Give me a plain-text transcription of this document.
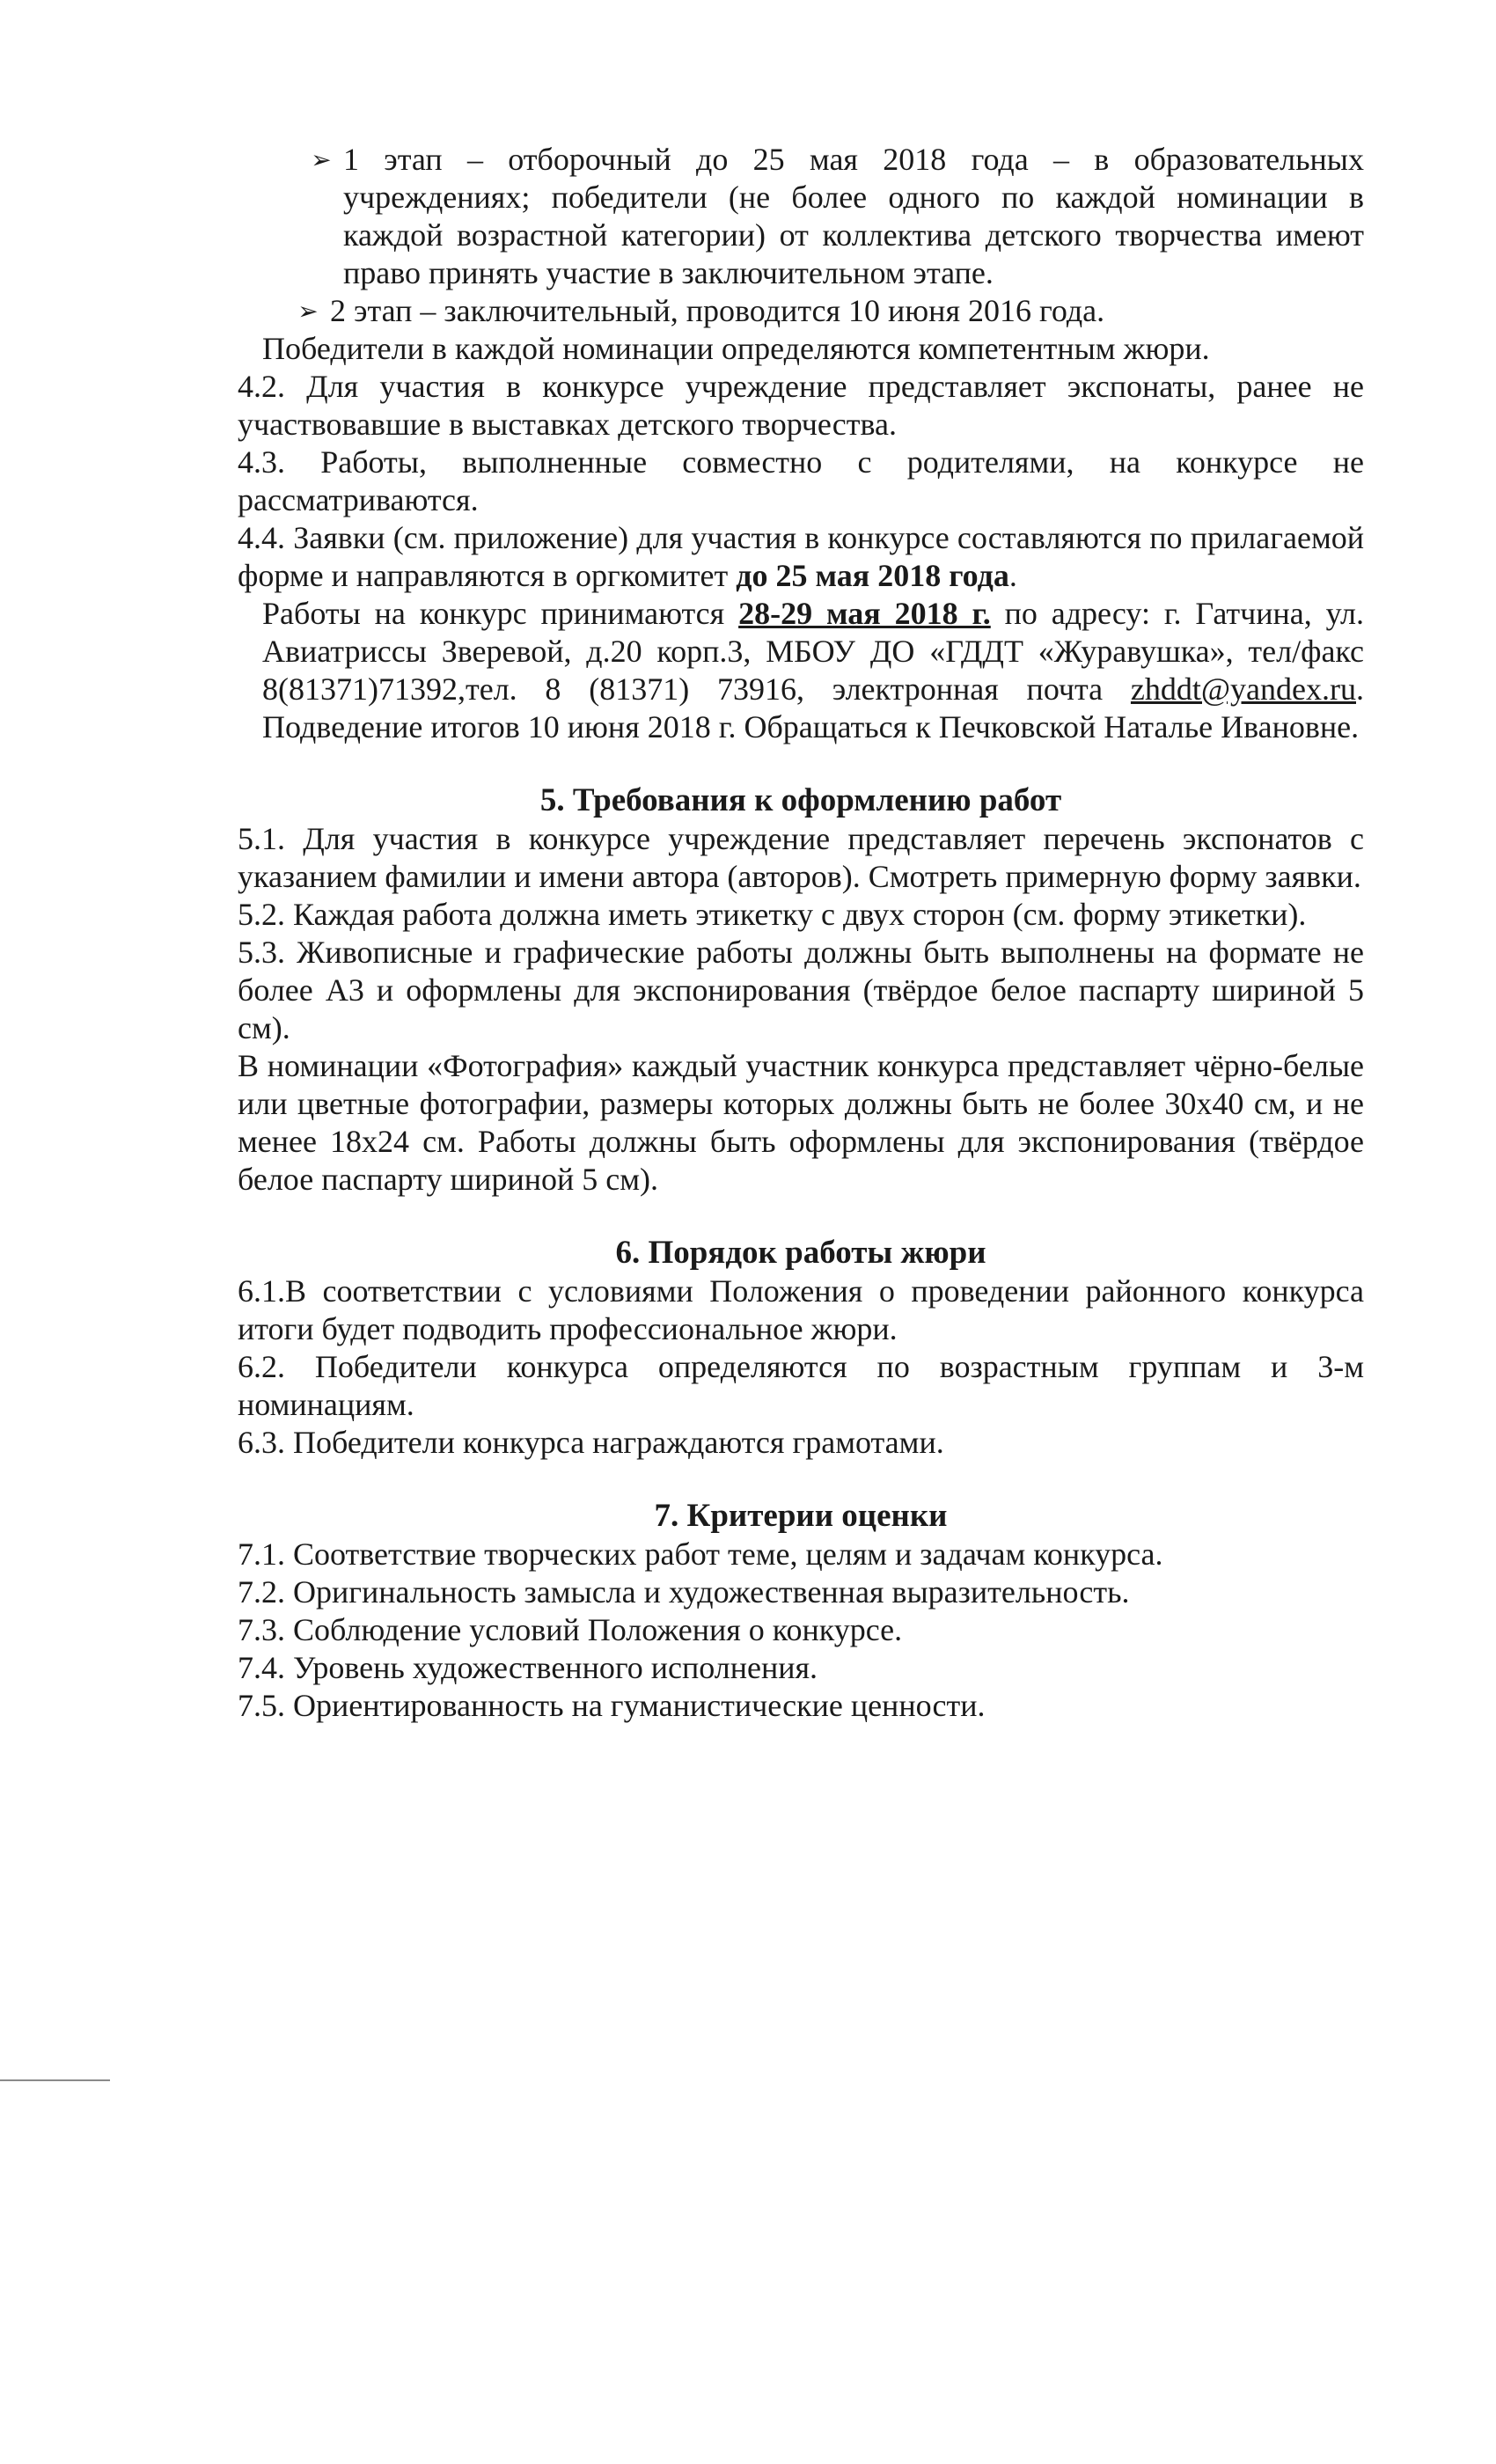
➢ 1 этап – отборочный до 25 мая 2018 года – в образовательных учреждениях; победители (не более одного по каждой номинации в каждой возрастной категории) от коллектива детского творчества имеют право принять участие в заключительном этапе.
➢ 2 этап – заключительный, проводится 10 июня 2016 года.

Победители в каждой номинации определяются компетентным жюри.

4.2. Для участия в конкурсе учреждение представляет экспонаты, ранее не участвовавшие в выставках детского творчества.

4.3. Работы, выполненные совместно с родителями, на конкурсе не рассматриваются.

4.4. Заявки (см. приложение) для участия в конкурсе составляются по прилагаемой форме и направляются в оргкомитет до 25 мая 2018 года.

Работы на конкурс принимаются 28-29 мая 2018 г. по адресу: г. Гатчина, ул. Авиатриссы Зверевой, д.20 корп.3, МБОУ ДО «ГДДТ «Журавушка», тел/факс 8(81371)71392,тел. 8 (81371) 73916, электронная почта zhddt@yandex.ru. Подведение итогов 10 июня 2018 г. Обращаться к Печковской Наталье Ивановне.

5. Требования к оформлению работ

5.1. Для участия в конкурсе учреждение представляет перечень экспонатов с указанием фамилии и имени автора (авторов). Смотреть примерную форму заявки.

5.2. Каждая работа должна иметь этикетку с двух сторон (см. форму этикетки).

5.3. Живописные и графические работы должны быть выполнены на формате не более А3 и оформлены для экспонирования (твёрдое белое паспарту шириной 5 см).

В номинации «Фотография» каждый участник конкурса представляет чёрно-белые или цветные фотографии, размеры которых должны быть не более 30х40 см, и не менее 18х24 см. Работы должны быть оформлены для экспонирования (твёрдое белое паспарту шириной 5 см).

6. Порядок работы жюри

6.1.В соответствии с условиями Положения о проведении районного конкурса итоги будет подводить профессиональное жюри.

6.2. Победители конкурса определяются по возрастным группам и 3-м номинациям.

6.3. Победители конкурса награждаются грамотами.

7. Критерии оценки

7.1. Соответствие творческих работ теме, целям и задачам конкурса.

7.2. Оригинальность замысла и художественная выразительность.

7.3. Соблюдение условий Положения о конкурсе.

7.4. Уровень художественного исполнения.

7.5. Ориентированность на гуманистические ценности.
